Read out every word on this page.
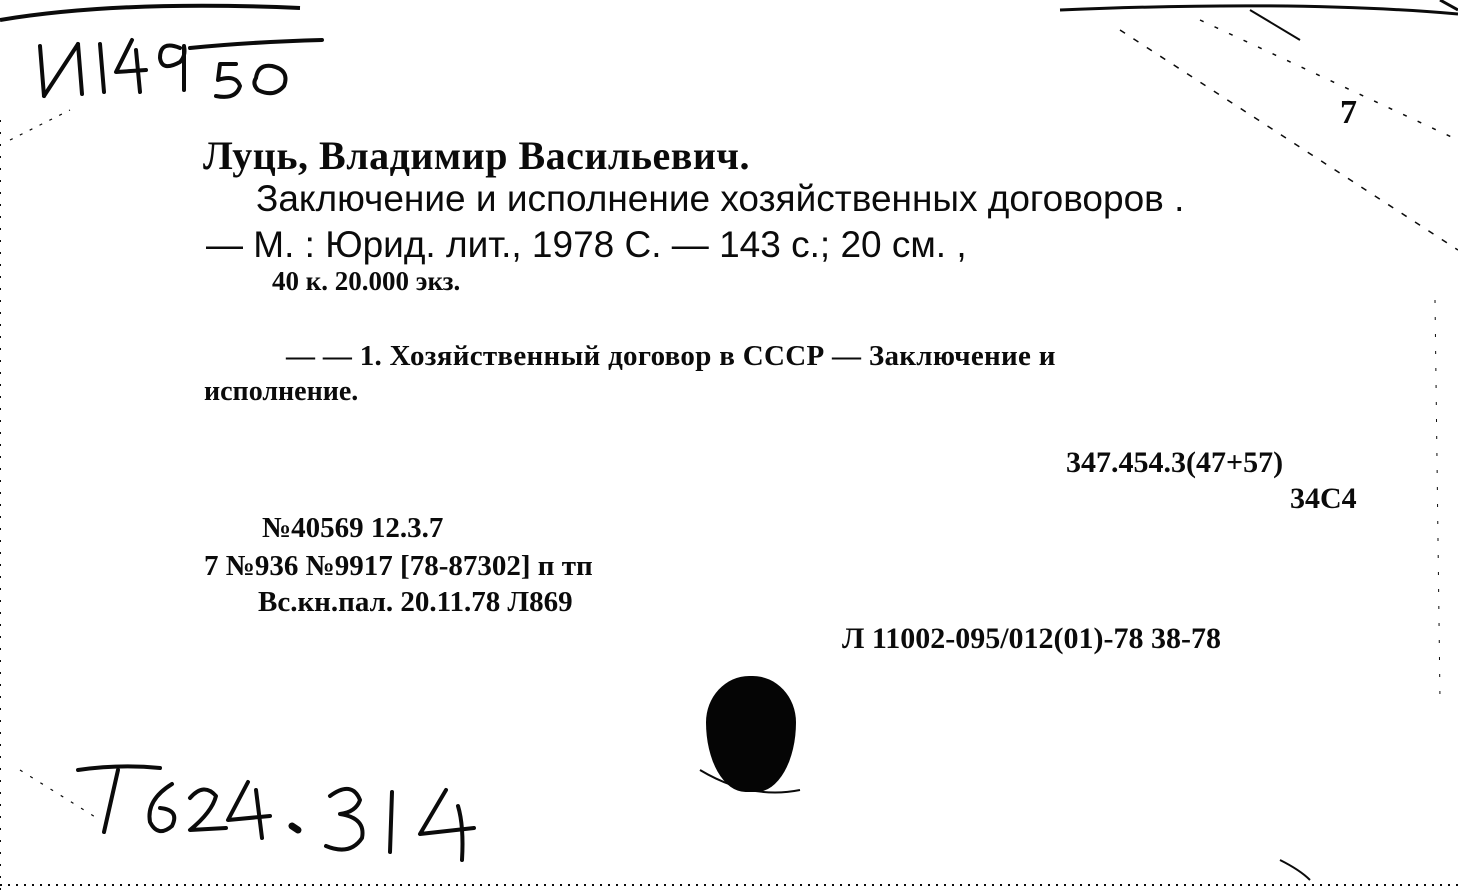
7
Луць, Владимир Васильевич.
Заключение и исполнение хозяйственных договоров .
— М. : Юрид. лит., 1978 С. — 143 с.; 20 см. ,
40 к. 20.000 экз.
— — 1. Хозяйственный договор в СССР — Заключение и
исполнение.
347.454.3(47+57)
34С4
№40569 12.3.7
7 №936 №9917 [78-87302] п тп
Вс.кн.пал. 20.11.78 Л869
Л 11002-095/012(01)-78 38-78
